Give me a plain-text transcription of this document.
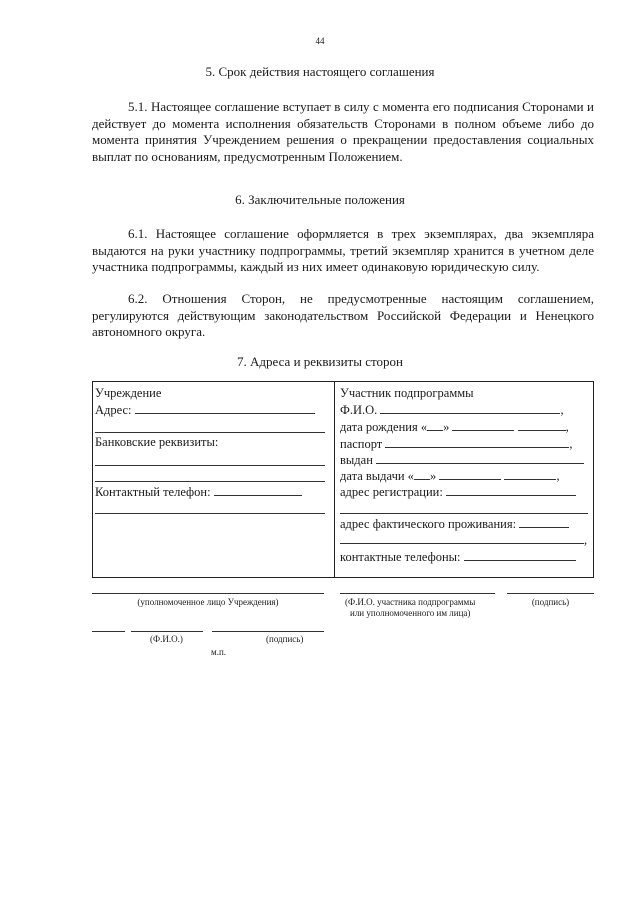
44
5. Срок действия настоящего соглашения

5.1. Настоящее соглашение вступает в силу с момента его подписания Сторонами и действует до момента исполнения обязательств Сторонами в полном объеме либо до момента принятия Учреждением решения о прекращении предоставления социальных выплат по основаниям, предусмотренным Положением.

6. Заключительные положения

6.1. Настоящее соглашение оформляется в трех экземплярах, два экземпляра выдаются на руки участнику подпрограммы, третий экземпляр хранится в учетном деле участника подпрограммы, каждый из них имеет одинаковую юридическую силу.

6.2. Отношения Сторон, не предусмотренные настоящим соглашением, регулируются действующим законодательством Российской Федерации и Ненецкого автономного округа.

7. Адреса и реквизиты сторон
Учреждение
Адрес:
Банковские реквизиты:
Контактный телефон:
Участник подпрограммы
Ф.И.О.	,
дата рождения « »	,
паспорт	,
выдан
дата выдачи « »	,
адрес регистрации:
адрес фактического проживания:
,
контактные телефоны:
(уполномоченное лицо Учреждения)	(Ф.И.О. участника подпрограммы
или уполномоченного им лица)
(подпись)
(Ф.И.О.)	(подпись)
м.п.
